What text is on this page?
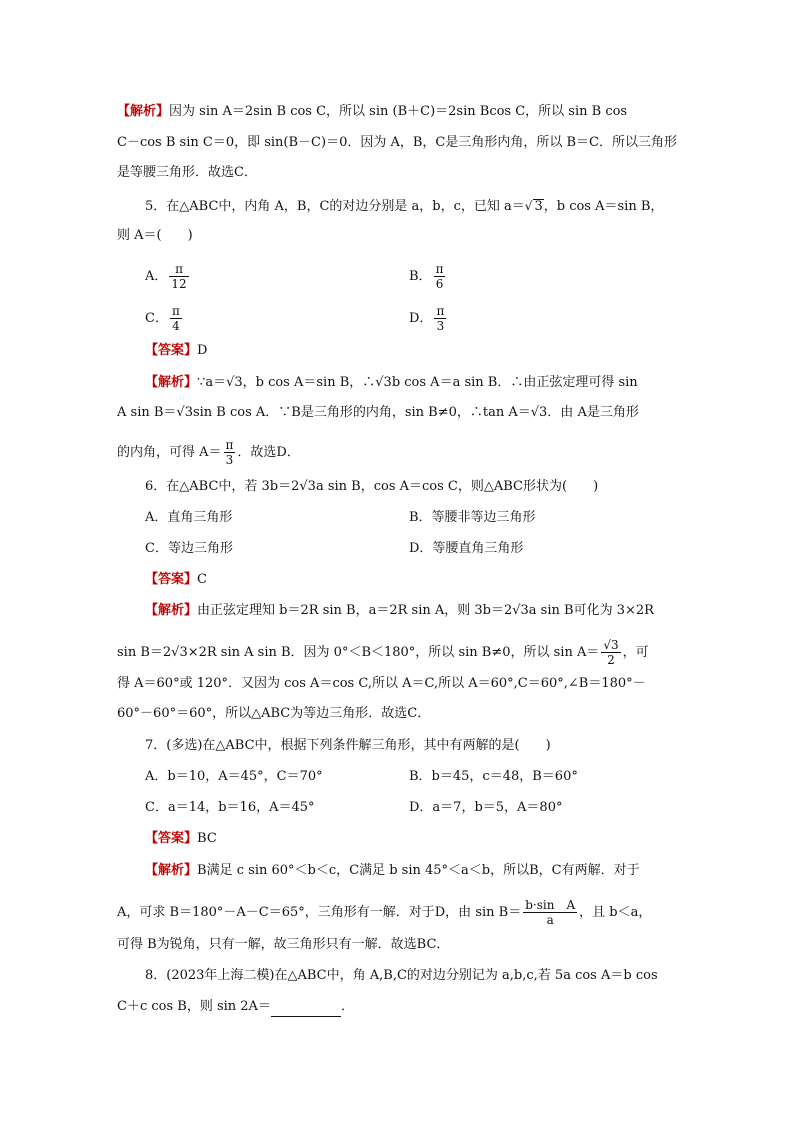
【解析】因为 sin A＝2sin B cos C，所以 sin (B＋C)＝2sin Bcos C，所以 sin B cos
C－cos B sin C＝0，即 sin(B－C)＝0．因为 A，B，C是三角形内角，所以 B＝C．所以三角形
是等腰三角形．故选C．
5．在△ABC中，内角 A，B，C的对边分别是 a，b，c，已知 a＝√ 3，b cos A＝sin B，
则 A＝(　　)
A． $\frac{\pi}{12}$	B． $\frac{\pi}{6}$
C． $\frac{\pi}{4}$	D． $\frac{\pi}{3}$
【答案】D
【解析】∵a＝√3，b cos A＝sin B，∴√3b cos A＝a sin B．∴由正弦定理可得 sin
A sin B＝√3sin B cos A．∵B是三角形的内角，sin B≠0，∴tan A＝√3．由 A是三角形
的内角，可得 $A= \frac{\pi}{3}$ ．故选D．
6．在△ABC中，若 3b＝2√3a sin B，cos A＝cos C，则△ABC形状为(　　)
A．直角三角形	B．等腰非等边三角形
C．等边三角形	D．等腰直角三角形
【答案】C
【解析】由正弦定理知 b＝2R sin B，a＝2R sin A，则 3b＝2√3a sin B可化为 3×2R
sin B＝2√3×2R sin A sin B．因为 0°＜B＜180°，所以 sin B≠0，所以 $\sin A= \frac{√3}{2}$ ，可
得 A＝60°或 120°．又因为 cos A＝cos C,所以 A＝C,所以 A＝60°,C＝60°,∠B＝180°－
60°－60°＝60°，所以△ABC为等边三角形．故选C．
7．(多选)在△ABC中，根据下列条件解三角形，其中有两解的是(　　)
A．b＝10，A＝45°，C＝70°	B．b＝45，c＝48，B＝60°
C．a＝14，b＝16，A＝45°	D．a＝7，b＝5，A＝80°
【答案】BC
【解析】B满足 c sin 60°＜b＜c，C满足 b sin 45°＜a＜b，所以B，C有两解．对于
A，可求 B＝180°－A－C＝65°，三角形有一解．对于D，由 $\sin B= \frac{\text{b·sin　A}}{a}$ ，且 b＜a，
可得 B为锐角，只有一解，故三角形只有一解．故选BC．
8．(2023年上海二模)在△ABC中，角 A,B,C的对边分别记为 a,b,c,若 5a cos A＝b cos
C＋c cos B，则 sin 2A＝	．
